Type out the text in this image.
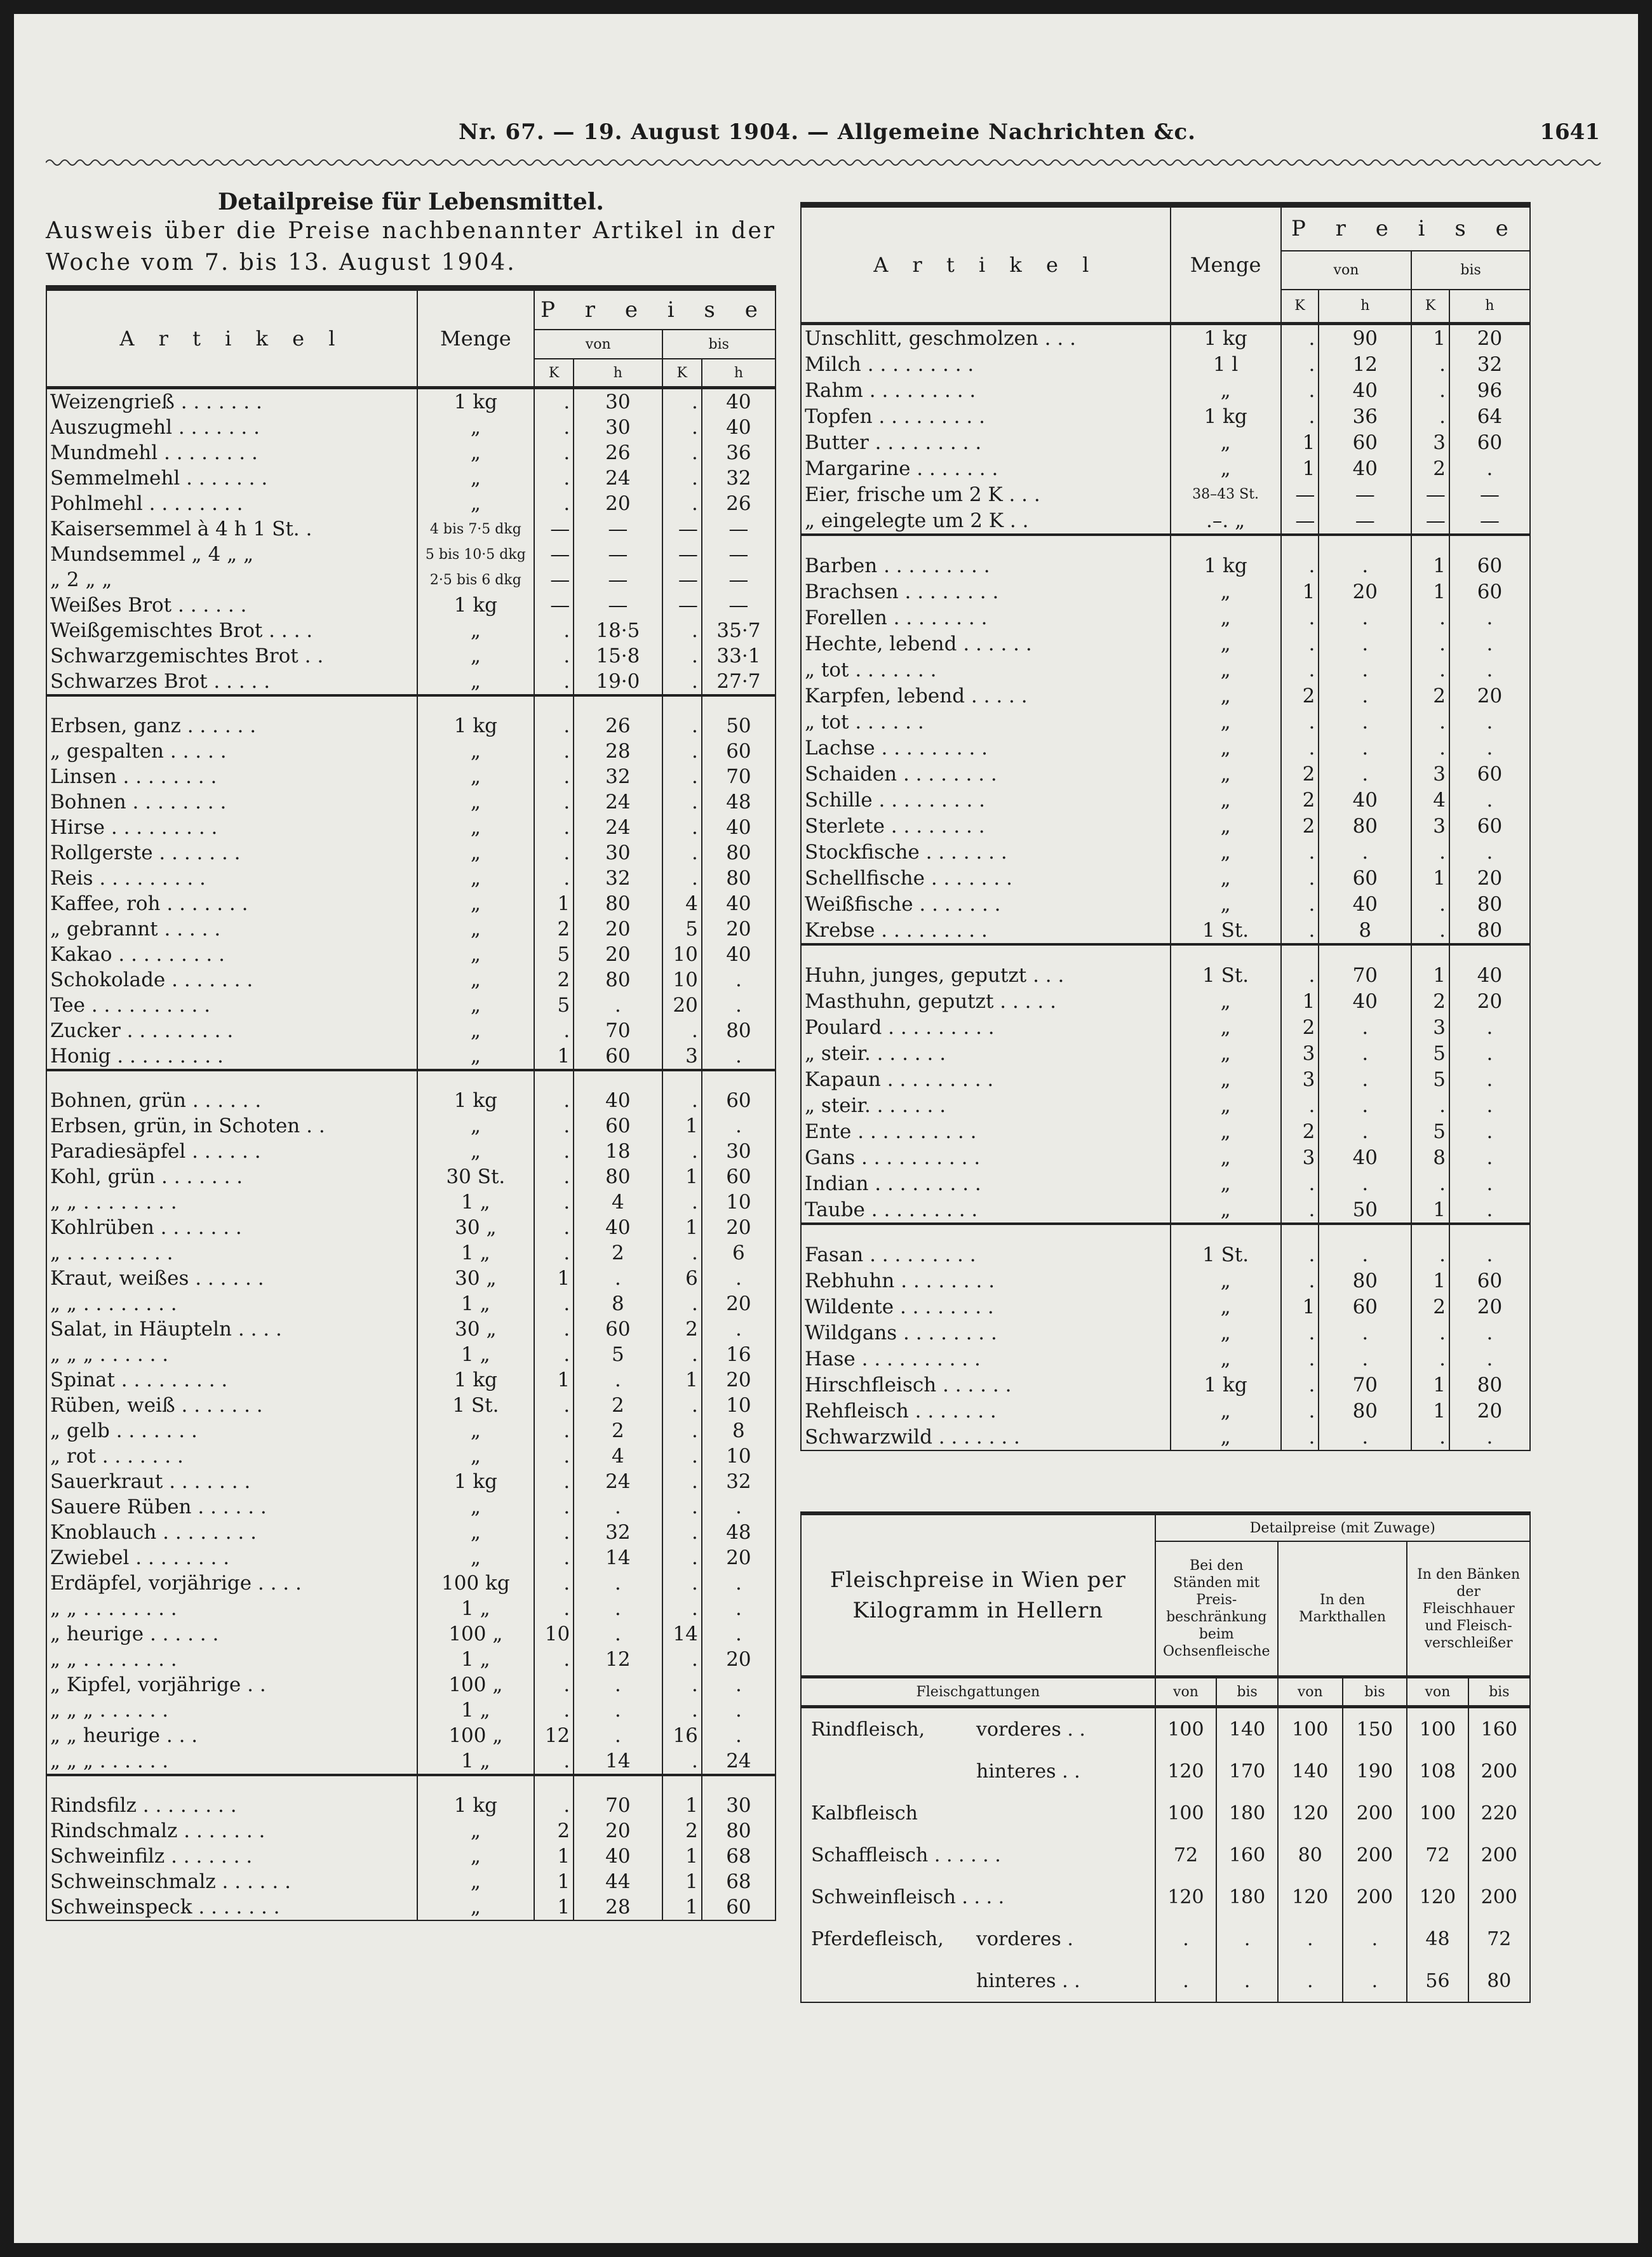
Nr. 67. — 19. August 1904. — Allgemeine Nachrichten &c.	1641
Detailpreise für Lebensmittel.
Ausweis über die Preise nachbenannter Artikel in der Woche vom 7. bis 13. August 1904.
A r t i k e l	Menge	P r e i s e			
		von		bis	
		K	h	K	h
Weizengrieß . . . . . . .	1 kg	.	30	.	40
Auszugmehl . . . . . . .	„	.	30	.	40
Mundmehl . . . . . . . .	„	.	26	.	36
Semmelmehl . . . . . . .	„	.	24	.	32
Pohlmehl . . . . . . . .	„	.	20	.	26
Kaisersemmel à 4 h 1 St. .	4 bis 7·5 dkg	—	—	—	—
Mundsemmel „ 4 „ „	5 bis 10·5 dkg	—	—	—	—
„ 2 „ „	2·5 bis 6 dkg	—	—	—	—
Weißes Brot . . . . . .	1 kg	—	—	—	—
Weißgemischtes Brot . . . .	„	.	18·5	.	35·7
Schwarzgemischtes Brot . .	„	.	15·8	.	33·1
Schwarzes Brot . . . . .	„	.	19·0	.	27·7

Erbsen, ganz . . . . . .	1 kg	.	26	.	50
„ gespalten . . . . .	„	.	28	.	60
Linsen . . . . . . . .	„	.	32	.	70
Bohnen . . . . . . . .	„	.	24	.	48
Hirse . . . . . . . . .	„	.	24	.	40
Rollgerste . . . . . . .	„	.	30	.	80
Reis . . . . . . . . .	„	.	32	.	80
Kaffee, roh . . . . . . .	„	1	80	4	40
„ gebrannt . . . . .	„	2	20	5	20
Kakao . . . . . . . . .	„	5	20	10	40
Schokolade . . . . . . .	„	2	80	10	.
Tee . . . . . . . . . .	„	5	.	20	.
Zucker . . . . . . . . .	„	.	70	.	80
Honig . . . . . . . . .	„	1	60	3	.

Bohnen, grün . . . . . .	1 kg	.	40	.	60
Erbsen, grün, in Schoten . .	„	.	60	1	.
Paradiesäpfel . . . . . .	„	.	18	.	30
Kohl, grün . . . . . . .	30 St.	.	80	1	60
„ „ . . . . . . . .	1 „	.	4	.	10
Kohlrüben . . . . . . .	30 „	.	40	1	20
„ . . . . . . . . .	1 „	.	2	.	6
Kraut, weißes . . . . . .	30 „	1	.	6	.
„ „ . . . . . . . .	1 „	.	8	.	20
Salat, in Häupteln . . . .	30 „	.	60	2	.
„ „ „ . . . . . .	1 „	.	5	.	16
Spinat . . . . . . . . .	1 kg	1	.	1	20
Rüben, weiß . . . . . . .	1 St.	.	2	.	10
„ gelb . . . . . . .	„	.	2	.	8
„ rot . . . . . . .	„	.	4	.	10
Sauerkraut . . . . . . .	1 kg	.	24	.	32
Sauere Rüben . . . . . .	„	.	.	.	.
Knoblauch . . . . . . . .	„	.	32	.	48
Zwiebel . . . . . . . .	„	.	14	.	20
Erdäpfel, vorjährige . . . .	100 kg	.	.	.	.
„ „ . . . . . . . .	1 „	.	.	.	.
„ heurige . . . . . .	100 „	10	.	14	.
„ „ . . . . . . . .	1 „	.	12	.	20
„ Kipfel, vorjährige . .	100 „	.	.	.	.
„ „ „ . . . . . .	1 „	.	.	.	.
„ „ heurige . . .	100 „	12	.	16	.
„ „ „ . . . . . .	1 „	.	14	.	24

Rindsfilz . . . . . . . .	1 kg	.	70	1	30
Rindschmalz . . . . . . .	„	2	20	2	80
Schweinfilz . . . . . . .	„	1	40	1	68
Schweinschmalz . . . . . .	„	1	44	1	68
Schweinspeck . . . . . . .	„	1	28	1	60
A r t i k e l	Menge	P r e i s e			
		von		bis	
		K	h	K	h
Unschlitt, geschmolzen . . .	1 kg	.	90	1	20
Milch . . . . . . . . .	1 l	.	12	.	32
Rahm . . . . . . . . .	„	.	40	.	96
Topfen . . . . . . . . .	1 kg	.	36	.	64
Butter . . . . . . . . .	„	1	60	3	60
Margarine . . . . . . .	„	1	40	2	.
Eier, frische um 2 K . . .	38–43 St.	—	—	—	—
„ eingelegte um 2 K . .	.–. „	—	—	—	—

Barben . . . . . . . . .	1 kg	.	.	1	60
Brachsen . . . . . . . .	„	1	20	1	60
Forellen . . . . . . . .	„	.	.	.	.
Hechte, lebend . . . . . .	„	.	.	.	.
„ tot . . . . . . .	„	.	.	.	.
Karpfen, lebend . . . . .	„	2	.	2	20
„ tot . . . . . .	„	.	.	.	.
Lachse . . . . . . . . .	„	.	.	.	.
Schaiden . . . . . . . .	„	2	.	3	60
Schille . . . . . . . . .	„	2	40	4	.
Sterlete . . . . . . . .	„	2	80	3	60
Stockfische . . . . . . .	„	.	.	.	.
Schellfische . . . . . . .	„	.	60	1	20
Weißfische . . . . . . .	„	.	40	.	80
Krebse . . . . . . . . .	1 St.	.	8	.	80

Huhn, junges, geputzt . . .	1 St.	.	70	1	40
Masthuhn, geputzt . . . . .	„	1	40	2	20
Poulard . . . . . . . . .	„	2	.	3	.
„ steir. . . . . . .	„	3	.	5	.
Kapaun . . . . . . . . .	„	3	.	5	.
„ steir. . . . . . .	„	.	.	.	.
Ente . . . . . . . . . .	„	2	.	5	.
Gans . . . . . . . . . .	„	3	40	8	.
Indian . . . . . . . . .	„	.	.	.	.
Taube . . . . . . . . .	„	.	50	1	.

Fasan . . . . . . . . .	1 St.	.	.	.	.
Rebhuhn . . . . . . . .	„	.	80	1	60
Wildente . . . . . . . .	„	1	60	2	20
Wildgans . . . . . . . .	„	.	.	.	.
Hase . . . . . . . . . .	„	.	.	.	.
Hirschfleisch . . . . . .	1 kg	.	70	1	80
Rehfleisch . . . . . . .	„	.	80	1	20
Schwarzwild . . . . . . .	„	.	.	.	.
Fleischpreise in Wien per Kilogramm in Hellern	Detailpreise (mit Zuwage)					
	Bei den Ständen mit Preis-beschränkung beim Ochsenfleische		In den Markthallen		In den Bänken der Fleischhauer und Fleisch-verschleißer	
Fleischgattungen	von	bis	von	bis	von	bis
Rindfleisch, vorderes . .	100	140	100	150	100	160
hinteres . .	120	170	140	190	108	200
Kalbfleisch	100	180	120	200	100	220
Schaffleisch . . . . . .	72	160	80	200	72	200
Schweinfleisch . . . .	120	180	120	200	120	200
Pferdefleisch, vorderes .	.	.	.	.	48	72
hinteres . .	.	.	.	.	56	80
